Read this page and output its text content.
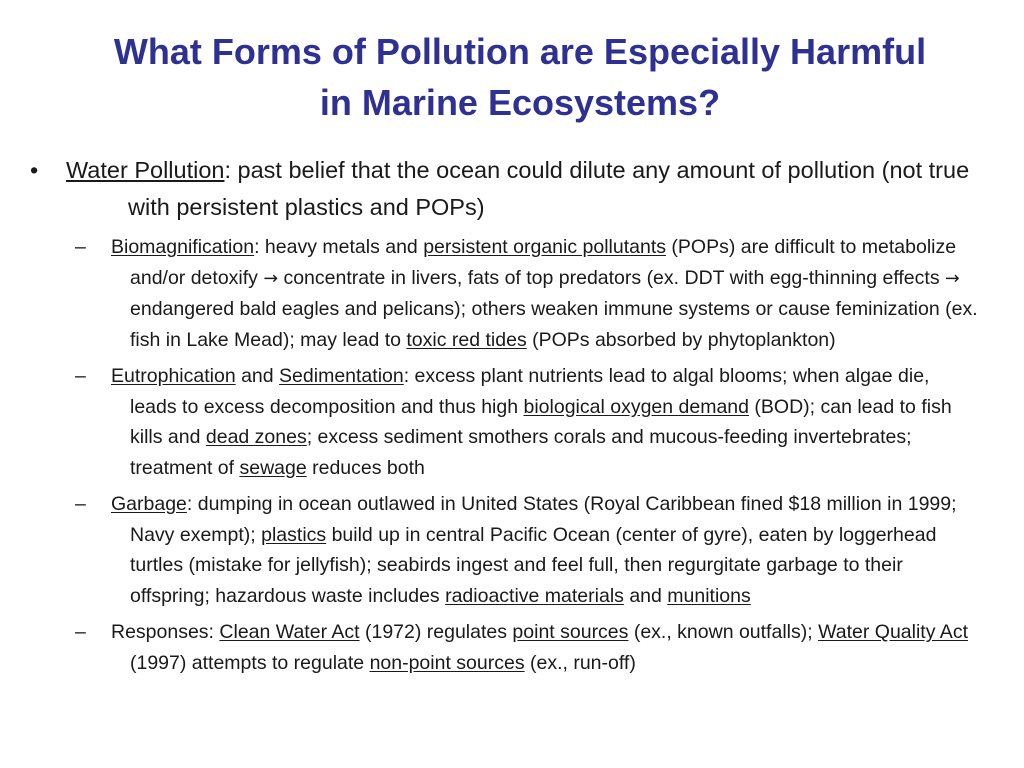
What Forms of Pollution are Especially Harmful
in Marine Ecosystems?
• Water Pollution: past belief that the ocean could dilute any amount of pollution (not true with persistent plastics and POPs)
– Biomagnification: heavy metals and persistent organic pollutants (POPs) are difficult to metabolize and/or detoxify → concentrate in livers, fats of top predators (ex. DDT with egg-thinning effects → endangered bald eagles and pelicans); others weaken immune systems or cause feminization (ex. fish in Lake Mead); may lead to toxic red tides (POPs absorbed by phytoplankton)
– Eutrophication and Sedimentation: excess plant nutrients lead to algal blooms; when algae die, leads to excess decomposition and thus high biological oxygen demand (BOD); can lead to fish kills and dead zones; excess sediment smothers corals and mucous-feeding invertebrates; treatment of sewage reduces both
– Garbage: dumping in ocean outlawed in United States (Royal Caribbean fined $18 million in 1999; Navy exempt); plastics build up in central Pacific Ocean (center of gyre), eaten by loggerhead turtles (mistake for jellyfish); seabirds ingest and feel full, then regurgitate garbage to their offspring; hazardous waste includes radioactive materials and munitions
– Responses: Clean Water Act (1972) regulates point sources (ex., known outfalls); Water Quality Act (1997) attempts to regulate non-point sources (ex., run-off)
